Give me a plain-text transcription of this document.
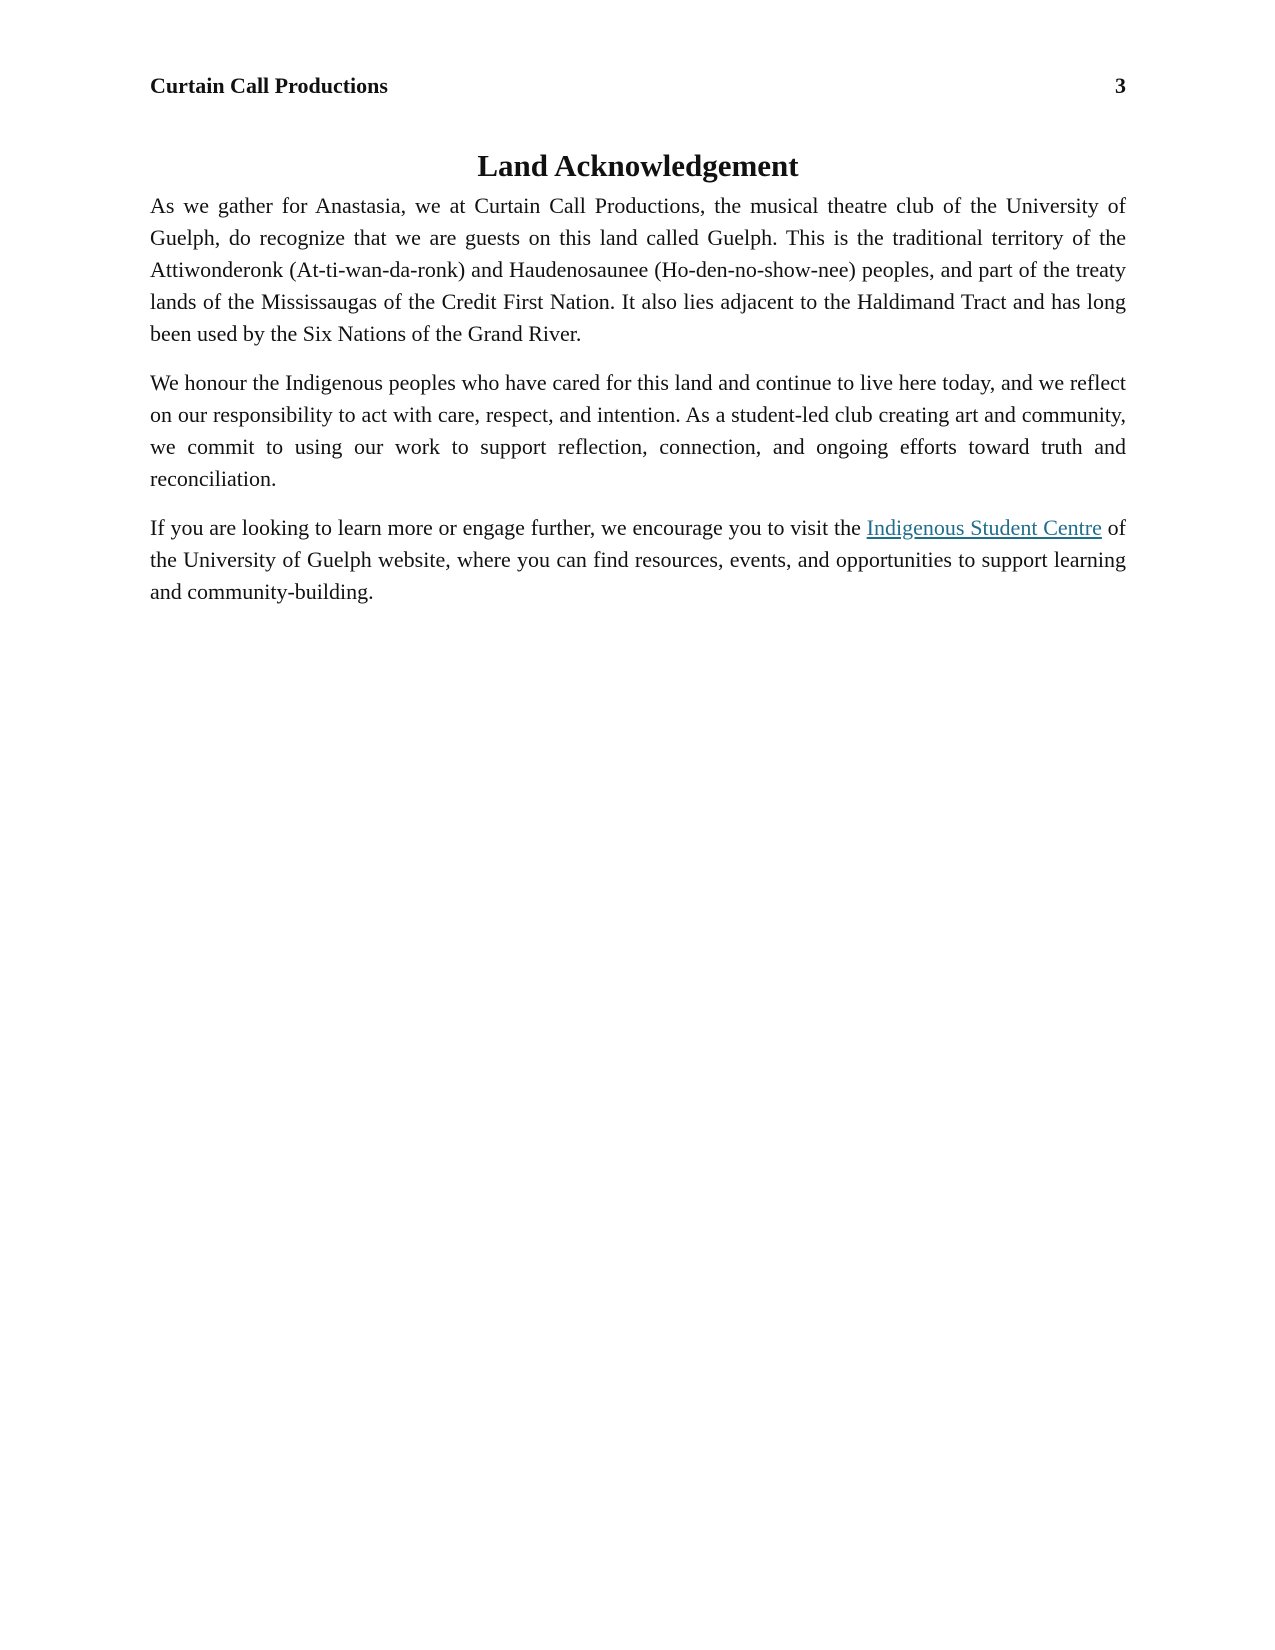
Curtain Call Productions	3
Land Acknowledgement

As we gather for Anastasia, we at Curtain Call Productions, the musical theatre club of the University of Guelph, do recognize that we are guests on this land called Guelph. This is the traditional territory of the Attiwonderonk (At-ti-wan-da-ronk) and Haudenosaunee (Ho-den-no-show-nee) peoples, and part of the treaty lands of the Mississaugas of the Credit First Nation. It also lies adjacent to the Haldimand Tract and has long been used by the Six Nations of the Grand River.

We honour the Indigenous peoples who have cared for this land and continue to live here today, and we reflect on our responsibility to act with care, respect, and intention. As a student-led club creating art and community, we commit to using our work to support reflection, connection, and ongoing efforts toward truth and reconciliation.

If you are looking to learn more or engage further, we encourage you to visit the Indigenous Student Centre of the University of Guelph website, where you can find resources, events, and opportunities to support learning and community-building.
